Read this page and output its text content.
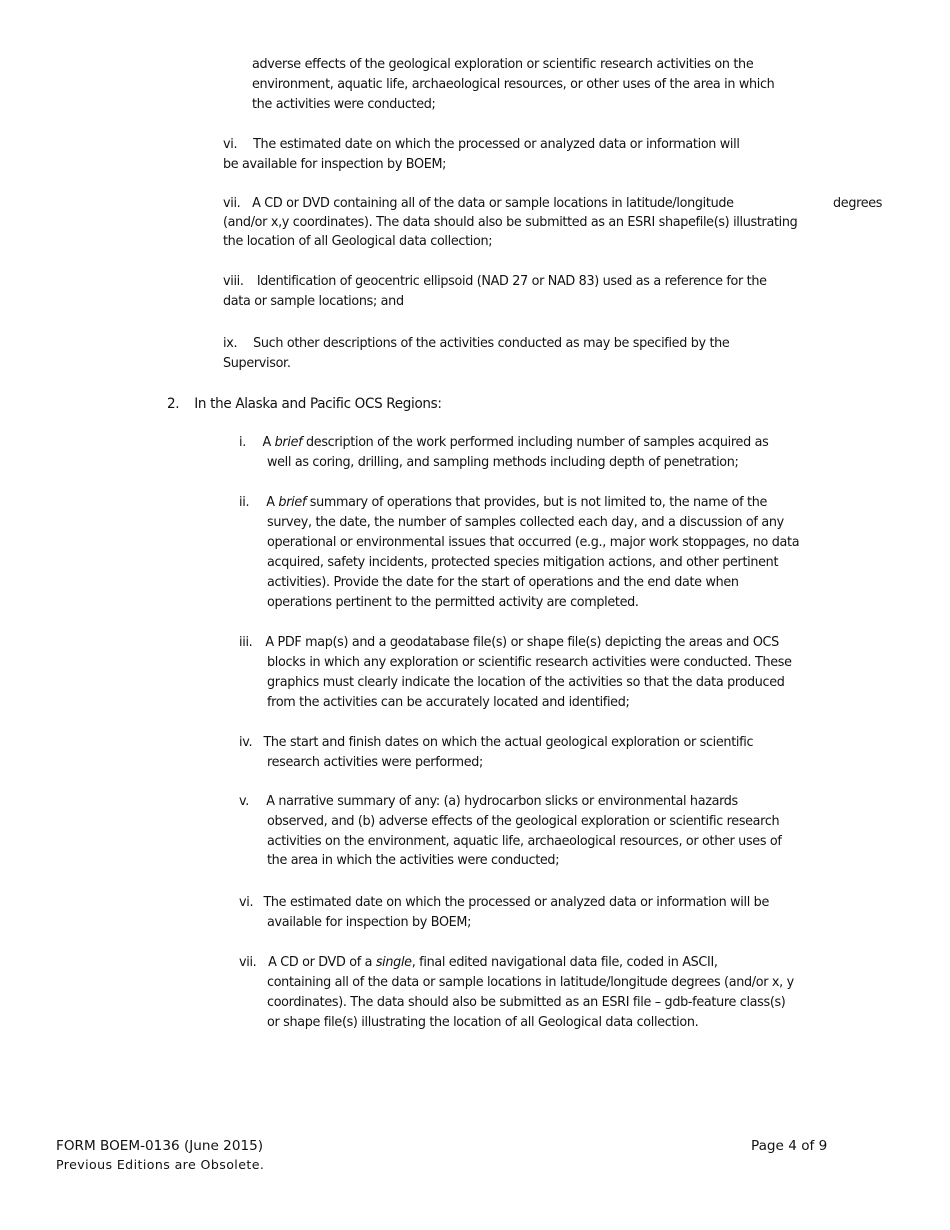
adverse effects of the geological exploration or scientific research activities on the
environment, aquatic life, archaeological resources, or other uses of the area in which
the activities were conducted;
vi. The estimated date on which the processed or analyzed data or information will
be available for inspection by BOEM;
vii. A CD or DVD containing all of the data or sample locations in latitude/longitude	degrees
(and/or x,y coordinates). The data should also be submitted as an ESRI shapefile(s) illustrating
the location of all Geological data collection;
viii. Identification of geocentric ellipsoid (NAD 27 or NAD 83) used as a reference for the
data or sample locations; and
ix. Such other descriptions of the activities conducted as may be specified by the
Supervisor.
2. In the Alaska and Pacific OCS Regions:
i. A brief description of the work performed including number of samples acquired as
well as coring, drilling, and sampling methods including depth of penetration;
ii. A brief summary of operations that provides, but is not limited to, the name of the
survey, the date, the number of samples collected each day, and a discussion of any
operational or environmental issues that occurred (e.g., major work stoppages, no data
acquired, safety incidents, protected species mitigation actions, and other pertinent
activities). Provide the date for the start of operations and the end date when
operations pertinent to the permitted activity are completed.
iii. A PDF map(s) and a geodatabase file(s) or shape file(s) depicting the areas and OCS
blocks in which any exploration or scientific research activities were conducted. These
graphics must clearly indicate the location of the activities so that the data produced
from the activities can be accurately located and identified;
iv. The start and finish dates on which the actual geological exploration or scientific
research activities were performed;
v. A narrative summary of any: (a) hydrocarbon slicks or environmental hazards
observed, and (b) adverse effects of the geological exploration or scientific research
activities on the environment, aquatic life, archaeological resources, or other uses of
the area in which the activities were conducted;
vi. The estimated date on which the processed or analyzed data or information will be
available for inspection by BOEM;
vii. A CD or DVD of a single, final edited navigational data file, coded in ASCII,
containing all of the data or sample locations in latitude/longitude degrees (and/or x, y
coordinates). The data should also be submitted as an ESRI file – gdb-feature class(s)
or shape file(s) illustrating the location of all Geological data collection.
FORM BOEM-0136 (June 2015)
Previous Editions are Obsolete.
Page 4 of 9
